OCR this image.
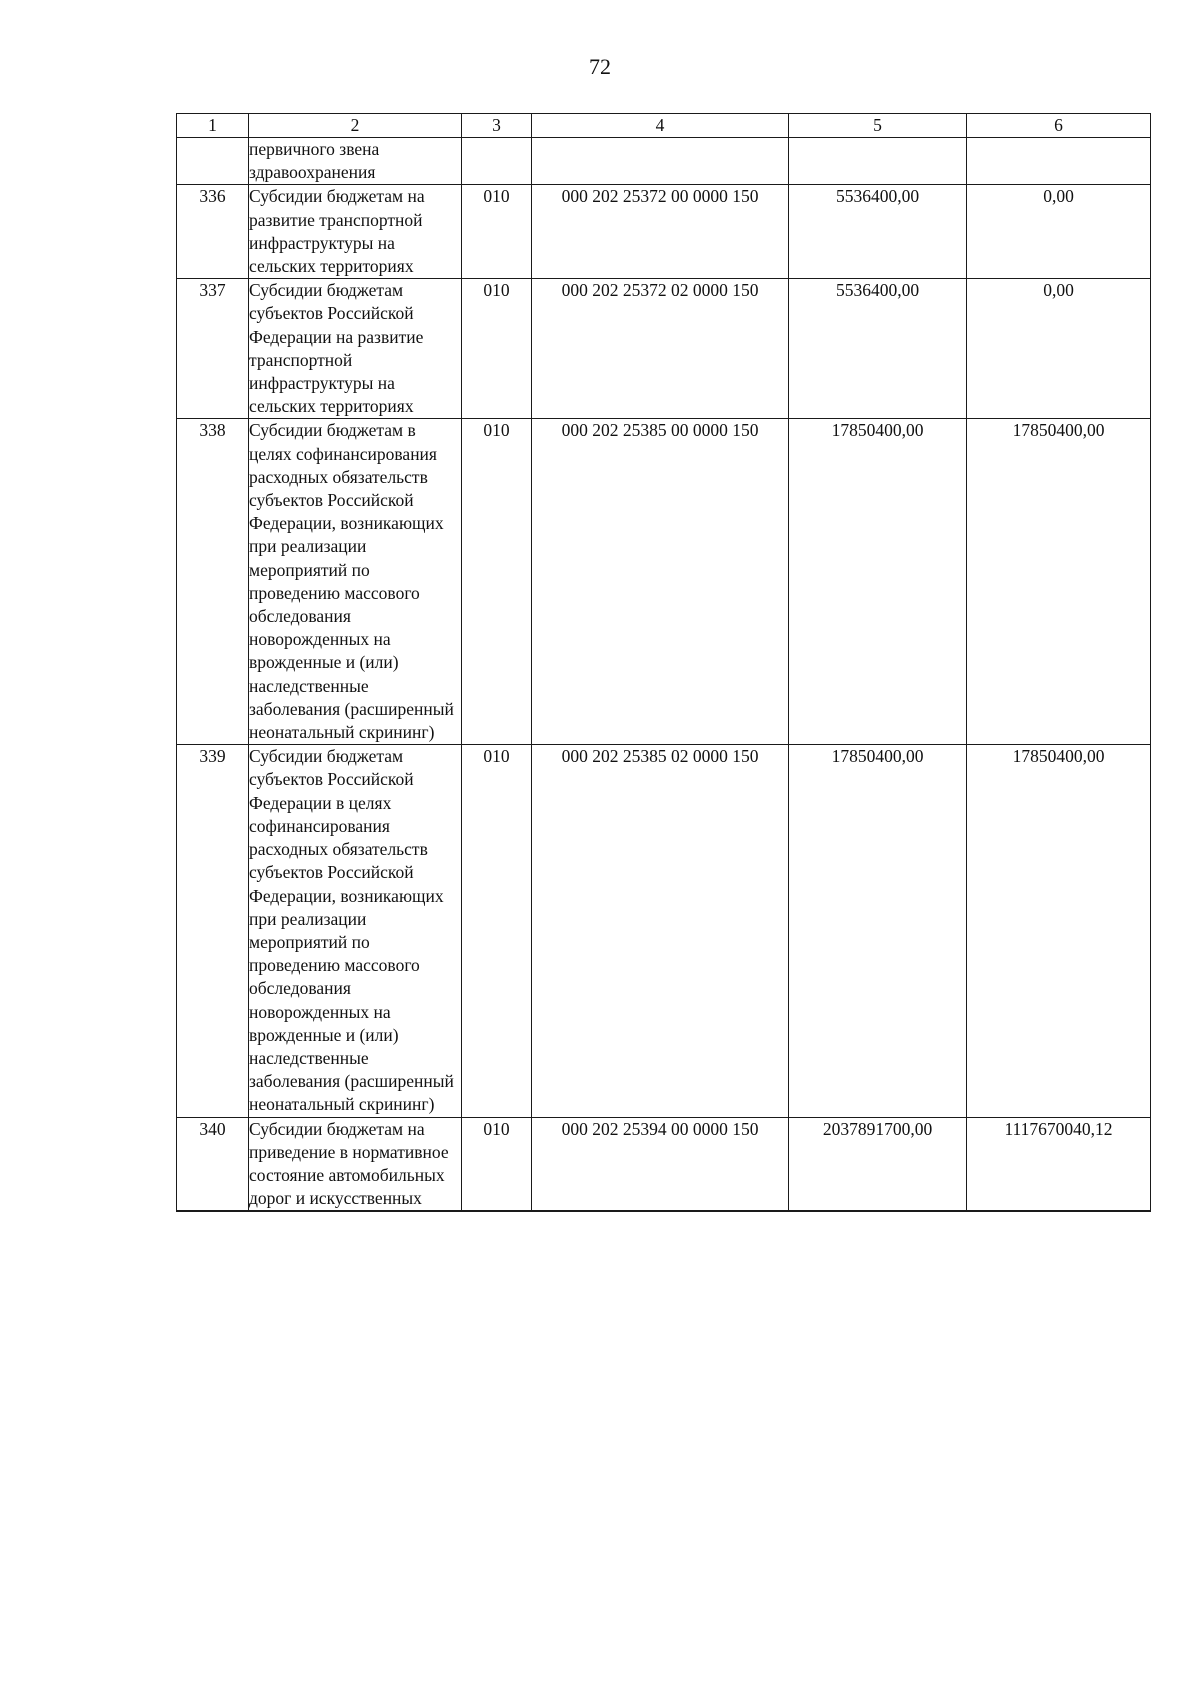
72
1	2	3	4	5	6
	первичного звена здравоохранения				
336	Субсидии бюджетам на развитие транспортной инфраструктуры на сельских территориях	010	000 202 25372 00 0000 150	5536400,00	0,00
337	Субсидии бюджетам субъектов Российской Федерации на развитие транспортной инфраструктуры на сельских территориях	010	000 202 25372 02 0000 150	5536400,00	0,00
338	Субсидии бюджетам в целях софинансирования расходных обязательств субъектов Российской Федерации, возникающих при реализации мероприятий по проведению массового обследования новорожденных на врожденные и (или) наследственные заболевания (расширенный неонатальный скрининг)	010	000 202 25385 00 0000 150	17850400,00	17850400,00
339	Субсидии бюджетам субъектов Российской Федерации в целях софинансирования расходных обязательств субъектов Российской Федерации, возникающих при реализации мероприятий по проведению массового обследования новорожденных на врожденные и (или) наследственные заболевания (расширенный неонатальный скрининг)	010	000 202 25385 02 0000 150	17850400,00	17850400,00
340	Субсидии бюджетам на приведение в нормативное состояние автомобильных дорог и искусственных	010	000 202 25394 00 0000 150	2037891700,00	1117670040,12
